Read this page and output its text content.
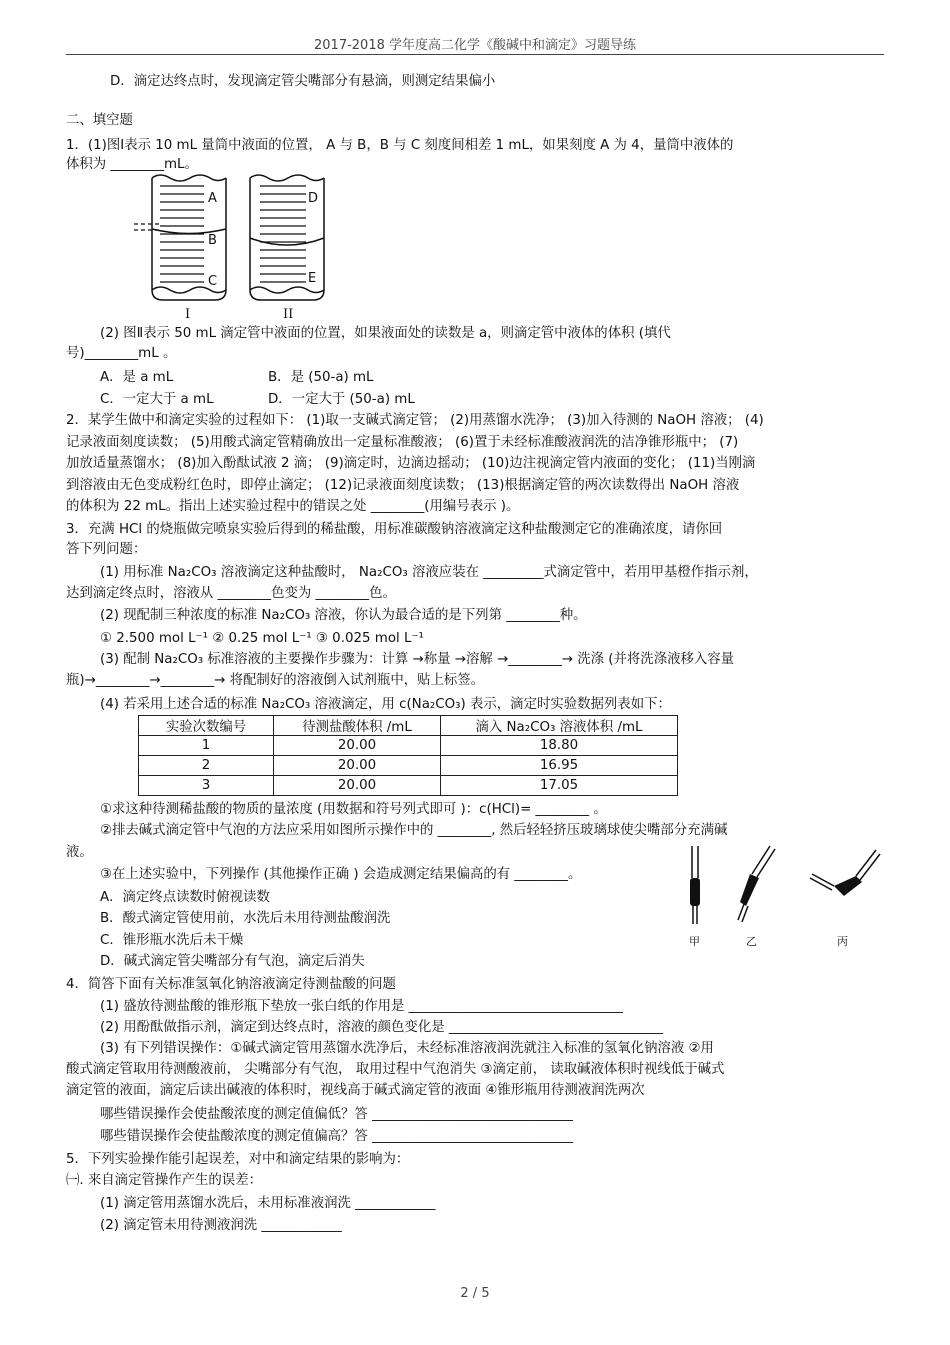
2017-2018 学年度高二化学《酸碱中和滴定》习题导练
D．滴定达终点时，发现滴定管尖嘴部分有悬滴，则测定结果偏小
二、填空题
1．(1)图Ⅰ表示 10 mL 量筒中液面的位置， A 与 B，B 与 C 刻度间相差 1 mL，如果刻度 A 为 4，量筒中液体的
体积为 ________mL。
A
B
C
D
E
I	II
(2) 图Ⅱ表示 50 mL 滴定管中液面的位置，如果液面处的读数是 a，则滴定管中液体的体积 (填代
号)________mL 。
A．是 a mL	B．是 (50-a) mL
C．一定大于 a mL	D．一定大于 (50-a) mL
2．某学生做中和滴定实验的过程如下： (1)取一支碱式滴定管； (2)用蒸馏水洗净； (3)加入待测的 NaOH 溶液； (4)
记录液面刻度读数； (5)用酸式滴定管精确放出一定量标准酸液； (6)置于未经标准酸液润洗的洁净锥形瓶中； (7)
加放适量蒸馏水； (8)加入酚酞试液 2 滴； (9)滴定时，边滴边摇动； (10)边注视滴定管内液面的变化； (11)当刚滴
到溶液由无色变成粉红色时，即停止滴定； (12)记录液面刻度读数； (13)根据滴定管的两次读数得出 NaOH 溶液
的体积为 22 mL。指出上述实验过程中的错误之处 ________(用编号表示 )。
3．充满 HCl 的烧瓶做完喷泉实验后得到的稀盐酸，用标准碳酸钠溶液滴定这种盐酸测定它的准确浓度，请你回
答下列问题：
(1) 用标准 Na₂CO₃ 溶液滴定这种盐酸时， Na₂CO₃ 溶液应装在 _________式滴定管中，若用甲基橙作指示剂，
达到滴定终点时，溶液从 ________色变为 ________色。
(2) 现配制三种浓度的标准 Na₂CO₃ 溶液，你认为最合适的是下列第 ________种。
① 2.500 mol L⁻¹ ② 0.25 mol L⁻¹ ③ 0.025 mol L⁻¹
(3) 配制 Na₂CO₃ 标准溶液的主要操作步骤为：计算 →称量 →溶解 →________→ 洗涤 (并将洗涤液移入容量
瓶)→________→________→ 将配制好的溶液倒入试剂瓶中，贴上标签。
(4) 若采用上述合适的标准 Na₂CO₃ 溶液滴定，用 c(Na₂CO₃) 表示，滴定时实验数据列表如下：
实验次数编号	待测盐酸体积 /mL	滴入 Na₂CO₃ 溶液体积 /mL
1	20.00	18.80
2	20.00	16.95
3	20.00	17.05
①求这种待测稀盐酸的物质的量浓度 (用数据和符号列式即可 )：c(HCl)= ________ 。
②排去碱式滴定管中气泡的方法应采用如图所示操作中的 ________, 然后轻轻挤压玻璃球使尖嘴部分充满碱
液。
③在上述实验中，下列操作 (其他操作正确 ) 会造成测定结果偏高的有 ________。
A．滴定终点读数时俯视读数
B．酸式滴定管使用前，水洗后未用待测盐酸润洗
C．锥形瓶水洗后未干燥
D．碱式滴定管尖嘴部分有气泡，滴定后消失
甲	乙	丙
4．简答下面有关标准氢氧化钠溶液滴定待测盐酸的问题
(1) 盛放待测盐酸的锥形瓶下垫放一张白纸的作用是 ________________________________
(2) 用酚酞做指示剂，滴定到达终点时，溶液的颜色变化是 ________________________________
(3) 有下列错误操作：①碱式滴定管用蒸馏水洗净后，未经标准溶液润洗就注入标准的氢氧化钠溶液 ②用
酸式滴定管取用待测酸液前， 尖嘴部分有气泡， 取用过程中气泡消失 ③滴定前， 读取碱液体积时视线低于碱式
滴定管的液面，滴定后读出碱液的体积时，视线高于碱式滴定管的液面 ④锥形瓶用待测液润洗两次
哪些错误操作会使盐酸浓度的测定值偏低？答 ______________________________
哪些错误操作会使盐酸浓度的测定值偏高？答 ______________________________
5．下列实验操作能引起误差，对中和滴定结果的影响为：
㈠. 来自滴定管操作产生的误差：
(1) 滴定管用蒸馏水洗后，未用标准液润洗 ____________
(2) 滴定管未用待测液润洗 ____________
2 / 5
